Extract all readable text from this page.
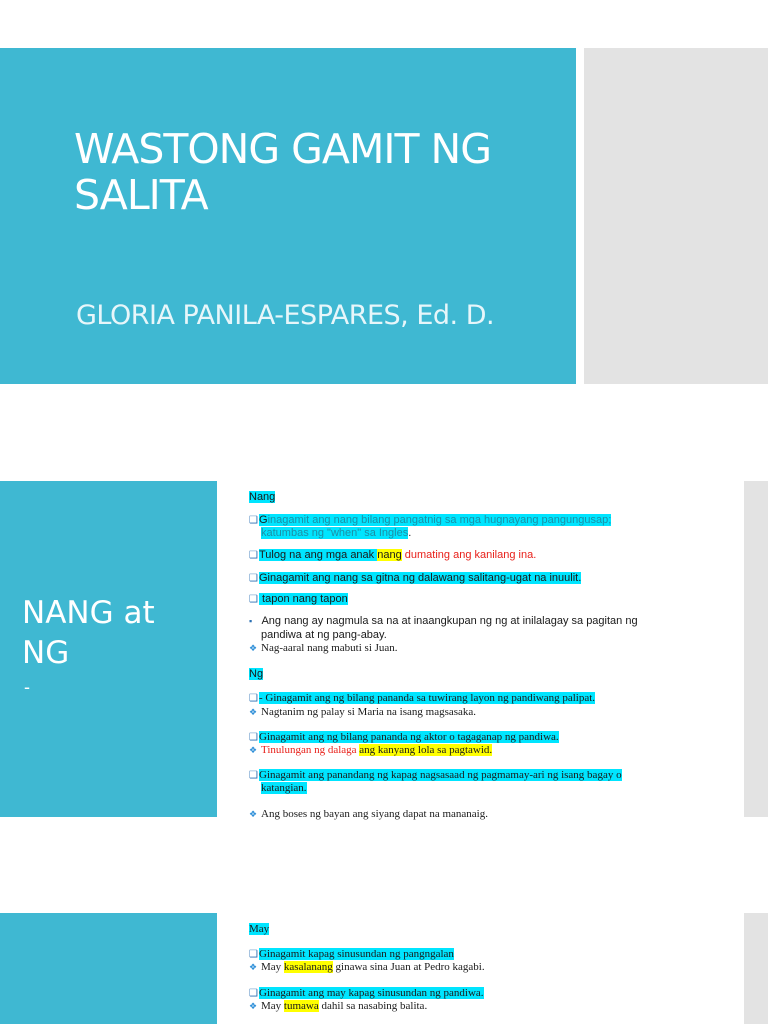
WASTONG GAMIT NG SALITA
GLORIA PANILA-ESPARES, Ed. D.
NANG at NG
-
Nang
❑Ginagamit ang nang bilang pangatnig sa mga hugnayang pangungusap;
katumbas ng "when" sa Ingles.
❑Tulog na ang mga anak nang dumating ang kanilang ina.
❑Ginagamit ang nang sa gitna ng dalawang salitang-ugat na inuulit.
❑ tapon nang tapon
▪ Ang nang ay nagmula sa na at inaangkupan ng ng at inilalagay sa pagitan ng
pandiwa at ng pang-abay.
❖ Nag-aaral nang mabuti si Juan.
Ng
❑- Ginagamit ang ng bilang pananda sa tuwirang layon ng pandiwang palipat.
❖ Nagtanim ng palay si Maria na isang magsasaka.
❑Ginagamit ang ng bilang pananda ng aktor o tagaganap ng pandiwa.
❖ Tinulungan ng dalaga ang kanyang lola sa pagtawid.
❑Ginagamit ang panandang ng kapag nagsasaad ng pagmamay-ari ng isang bagay o
katangian.
❖ Ang boses ng bayan ang siyang dapat na mananaig.
May
❑Ginagamit kapag sinusundan ng pangngalan
❖ May kasalanang ginawa sina Juan at Pedro kagabi.
❑Ginagamit ang may kapag sinusundan ng pandiwa.
❖ May tumawa dahil sa nasabing balita.
